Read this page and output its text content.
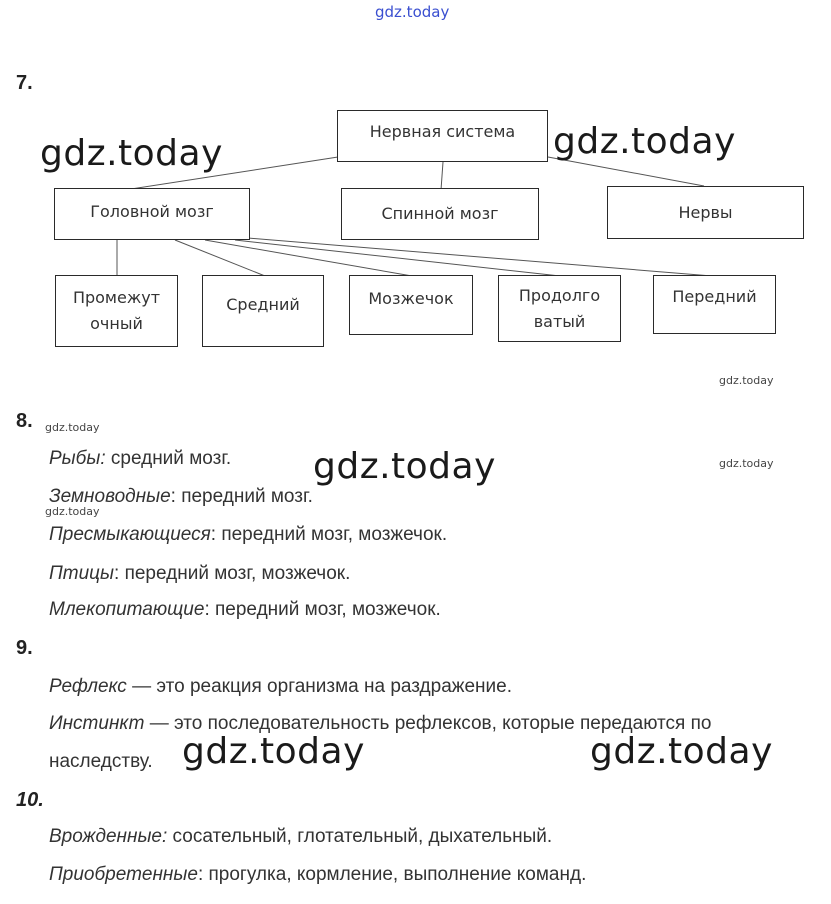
gdz.today
7.
Нервная система
Головной мозг	Спинной мозг	Нервы
Промежут
очный
Средний	Мозжечок	Продолго
ватый
Передний
gdz.today	gdz.today
gdz.today
8. gdz.today
Рыбы: средний мозг. gdz.today	gdz.today
Земноводные: передний мозг.
gdz.today
Пресмыкающиеся: передний мозг, мозжечок.
Птицы: передний мозг, мозжечок.
Млекопитающие: передний мозг, мозжечок.
9.
Рефлекс — это реакция организма на раздражение.
Инстинкт — это последовательность рефлексов, которые передаются по
наследству. gdz.today	gdz.today
10.
Врожденные: сосательный, глотательный, дыхательный.
Приобретенные: прогулка, кормление, выполнение команд.
